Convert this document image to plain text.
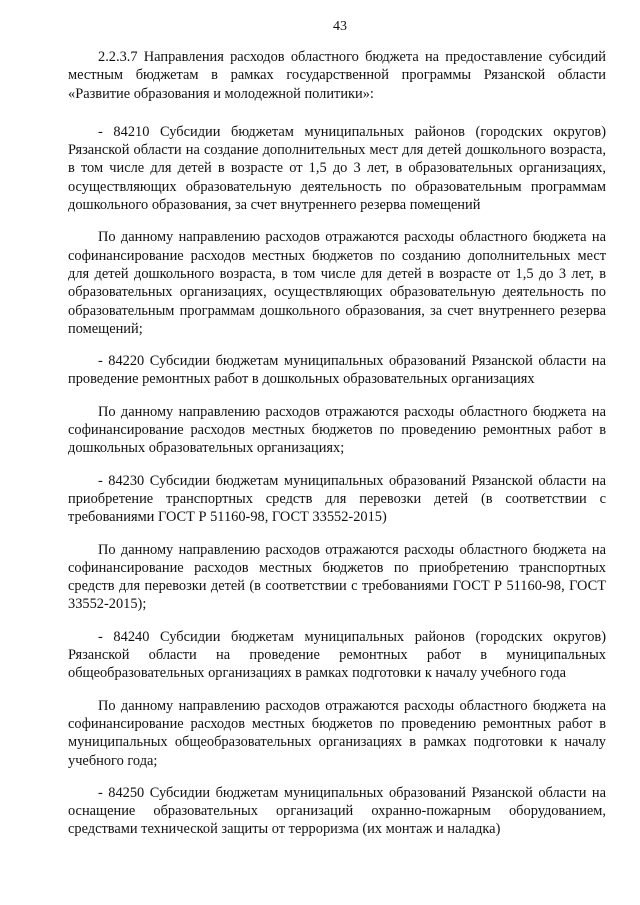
43

2.2.3.7 Направления расходов областного бюджета на предоставление субсидий местным бюджетам в рамках государственной программы Рязанской области «Развитие образования и молодежной политики»:

- 84210 Субсидии бюджетам муниципальных районов (городских округов) Рязанской области на создание дополнительных мест для детей дошкольного возраста, в том числе для детей в возрасте от 1,5 до 3 лет, в образовательных организациях, осуществляющих образовательную деятельность по образовательным программам дошкольного образования, за счет внутреннего резерва помещений

По данному направлению расходов отражаются расходы областного бюджета на софинансирование расходов местных бюджетов по созданию дополнительных мест для детей дошкольного возраста, в том числе для детей в возрасте от 1,5 до 3 лет, в образовательных организациях, осуществляющих образовательную деятельность по образовательным программам дошкольного образования, за счет внутреннего резерва помещений;

- 84220 Субсидии бюджетам муниципальных образований Рязанской области на проведение ремонтных работ в дошкольных образовательных организациях

По данному направлению расходов отражаются расходы областного бюджета на софинансирование расходов местных бюджетов по проведению ремонтных работ в дошкольных образовательных организациях;

- 84230 Субсидии бюджетам муниципальных образований Рязанской области на приобретение транспортных средств для перевозки детей (в соответствии с требованиями ГОСТ Р 51160-98, ГОСТ 33552-2015)

По данному направлению расходов отражаются расходы областного бюджета на софинансирование расходов местных бюджетов по приобретению транспортных средств для перевозки детей (в соответствии с требованиями ГОСТ Р 51160-98, ГОСТ 33552-2015);

- 84240 Субсидии бюджетам муниципальных районов (городских округов) Рязанской области на проведение ремонтных работ в муниципальных общеобразовательных организациях в рамках подготовки к началу учебного года

По данному направлению расходов отражаются расходы областного бюджета на софинансирование расходов местных бюджетов по проведению ремонтных работ в муниципальных общеобразовательных организациях в рамках подготовки к началу учебного года;

- 84250 Субсидии бюджетам муниципальных образований Рязанской области на оснащение образовательных организаций охранно-пожарным оборудованием, средствами технической защиты от терроризма (их монтаж и наладка)
